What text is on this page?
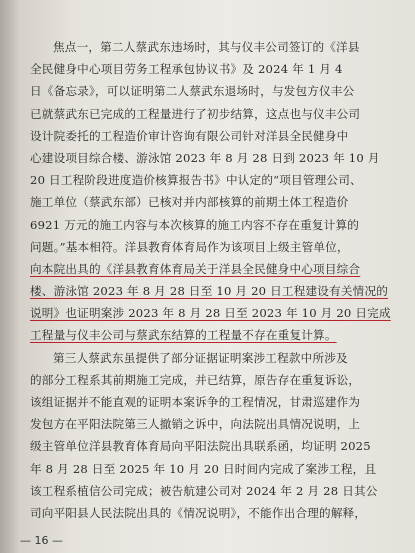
焦点一，第二人蔡武东违场时，其与仪丰公司签订的《洋县
全民健身中心项目劳务工程承包协议书》及 2024 年 1 月 4
日《备忘录》，可以证明第二人蔡武东退场时，与发包方仪丰公
已就蔡武东已完成的工程量进行了初步结算，这点也与仪丰公司
设计院委托的工程造价审计咨询有限公司针对洋县全民健身中
心建设项目综合楼、游泳馆 2023 年 8 月 28 日到 2023 年 10 月
20 日工程阶段进度造价核算报告书》中认定的“项目管理公司、
施工单位（蔡武东部）已核对并内部核算的前期土体工程造价
6921 万元的施工内容与本次核算的施工内容不存在重复计算的
问题。”基本相符。洋县教育体育局作为该项目上级主管单位，
向本院出具的《洋县教育体育局关于洋县全民健身中心项目综合
楼、游泳馆 2023 年 8 月 28 日至 10 月 20 日工程建设有关情况的
说明》也证明案涉 2023 年 8 月 28 日至 2023 年 10 月 20 日完成
工程量与仪丰公司与蔡武东结算的工程量不存在重复计算。
第三人蔡武东虽提供了部分证据证明案涉工程款中所涉及
的部分工程系其前期施工完成，并已结算，原告存在重复诉讼，
该组证据并不能直观的证明本案诉争的工程情况，甘肃巡建作为
发包方在平阳法院第三人撤销之诉中，向法院出具情况说明，上
级主管单位洋县教育体育局向平阳法院出具联系函，均证明 2025
年 8 月 28 日至 2025 年 10 月 20 日时间内完成了案涉工程，且
该工程系植信公司完成；被告航建公司对 2024 年 2 月 28 日其公
司向平阳县人民法院出具的《情况说明》，不能作出合理的解释，
— 16 —
